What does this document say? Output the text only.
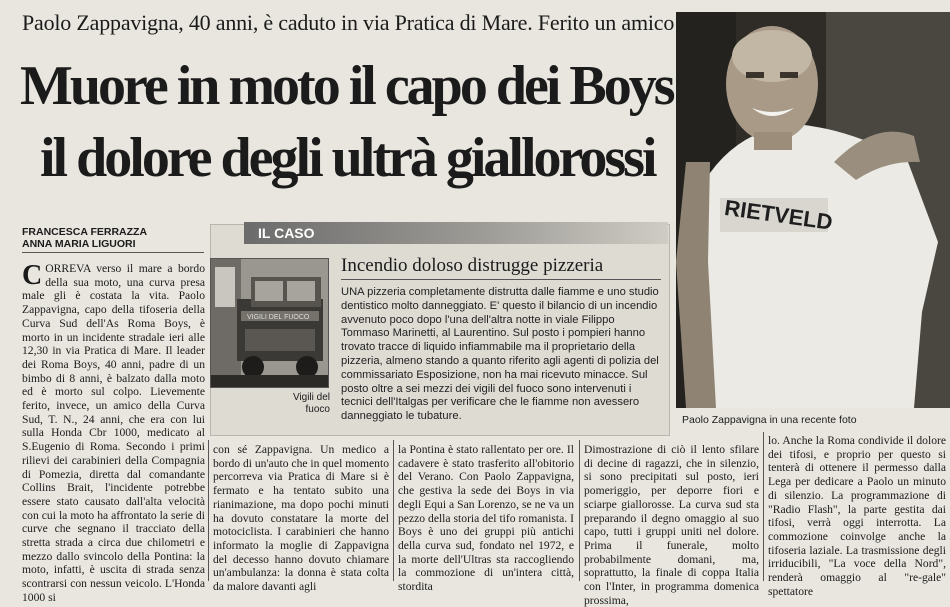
Paolo Zappavigna, 40 anni, è caduto in via Pratica di Mare. Ferito un amico
Muore in moto il capo dei Boys
il dolore degli ultrà giallorossi
FRANCESCA FERRAZZA
ANNA MARIA LIGUORI
CORREVA verso il mare a bordo della sua moto, una curva presa male gli è costata la vita. Paolo Zappavigna, capo della tifoseria della Curva Sud dell'As Roma Boys, è morto in un incidente stradale ieri alle 12,30 in via Pratica di Mare. Il leader dei Roma Boys, 40 anni, padre di un bimbo di 8 anni, è balzato dalla moto ed è morto sul colpo. Lievemente ferito, invece, un amico della Curva Sud, T. N., 24 anni, che era con lui sulla Honda Cbr 1000, medicato al S.Eugenio di Roma. Secondo i primi rilievi dei carabinieri della Compagnia di Pomezia, diretta dal comandante Collins Brait, l'incidente potrebbe essere stato causato dall'alta velocità con cui la moto ha affrontato la serie di curve che segnano il tracciato della stretta strada a circa due chilometri e mezzo dallo svincolo della Pontina: la moto, infatti, è uscita di strada senza scontrarsi con nessun veicolo. L'Honda 1000 si
IL CASO
VIGILI DEL FUOCO
Vigili del fuoco
Incendio doloso distrugge pizzeria
UNA pizzeria completamente distrutta dalle fiamme e uno studio dentistico molto danneggiato. E' questo il bilancio di un incendio avvenuto poco dopo l'una dell'altra notte in viale Filippo Tommaso Marinetti, al Laurentino. Sul posto i pompieri hanno trovato tracce di liquido infiammabile ma il proprietario della pizzeria, almeno stando a quanto riferito agli agenti di polizia del commissariato Esposizione, non ha mai ricevuto minacce. Sul posto oltre a sei mezzi dei vigili del fuoco sono intervenuti i tecnici dell'Italgas per verificare che le fiamme non avessero danneggiato le tubature.
con sé Zappavigna. Un medico a bordo di un'auto che in quel momento percorreva via Pratica di Mare si è fermato e ha tentato subito una rianimazione, ma dopo pochi minuti ha dovuto constatare la morte del motociclista. I carabinieri che hanno informato la moglie di Zappavigna del decesso hanno dovuto chiamare un'ambulanza: la donna è stata colta da malore davanti agli
la Pontina è stato rallentato per ore. Il cadavere è stato trasferito all'obitorio del Verano. Con Paolo Zappavigna, che gestiva la sede dei Boys in via degli Equi a San Lorenzo, se ne va un pezzo della storia del tifo romanista. I Boys è uno dei gruppi più antichi della curva sud, fondato nel 1972, e la morte dell'Ultras sta raccogliendo la commozione di un'intera città, stordita
Dimostrazione di ciò il lento sfilare di decine di ragazzi, che in silenzio, si sono precipitati sul posto, ieri pomeriggio, per deporre fiori e sciarpe giallorosse. La curva sud sta preparando il degno omaggio al suo capo, tutti i gruppi uniti nel dolore. Prima il funerale, molto probabilmente domani, ma, soprattutto, la finale di coppa Italia con l'Inter, in programma domenica prossima,
lo. Anche la Roma condivide il dolore dei tifosi, e proprio per questo si tenterà di ottenere il permesso dalla Lega per dedicare a Paolo un minuto di silenzio. La programmazione di "Radio Flash", la parte gestita dai tifosi, verrà oggi interrotta. La commozione coinvolge anche la tifoseria laziale. La trasmissione degli irriducibili, "La voce della Nord", renderà omaggio al "re-gale" spettatore
RIETVELD
Paolo Zappavigna in una recente foto
